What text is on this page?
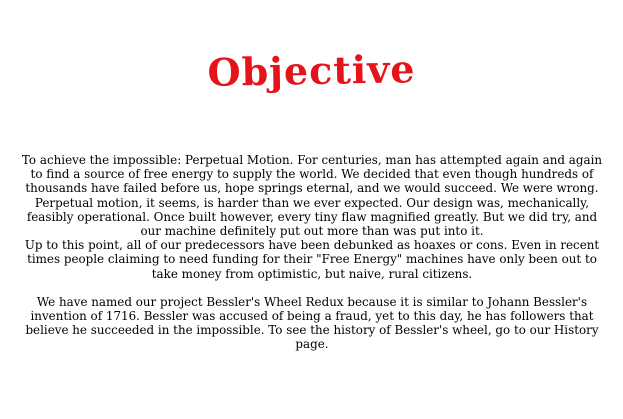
Objective

To achieve the impossible: Perpetual Motion. For centuries, man has attempted again and again to find a source of free energy to supply the world. We decided that even though hundreds of thousands have failed before us, hope springs eternal, and we would succeed. We were wrong. Perpetual motion, it seems, is harder than we ever expected. Our design was, mechanically, feasibly operational. Once built however, every tiny flaw magnified greatly. But we did try, and our machine definitely put out more than was put into it.

Up to this point, all of our predecessors have been debunked as hoaxes or cons. Even in recent times people claiming to need funding for their "Free Energy" machines have only been out to take money from optimistic, but naive, rural citizens.

We have named our project Bessler's Wheel Redux because it is similar to Johann Bessler's invention of 1716. Bessler was accused of being a fraud, yet to this day, he has followers that believe he succeeded in the impossible. To see the history of Bessler's wheel, go to our History page.
